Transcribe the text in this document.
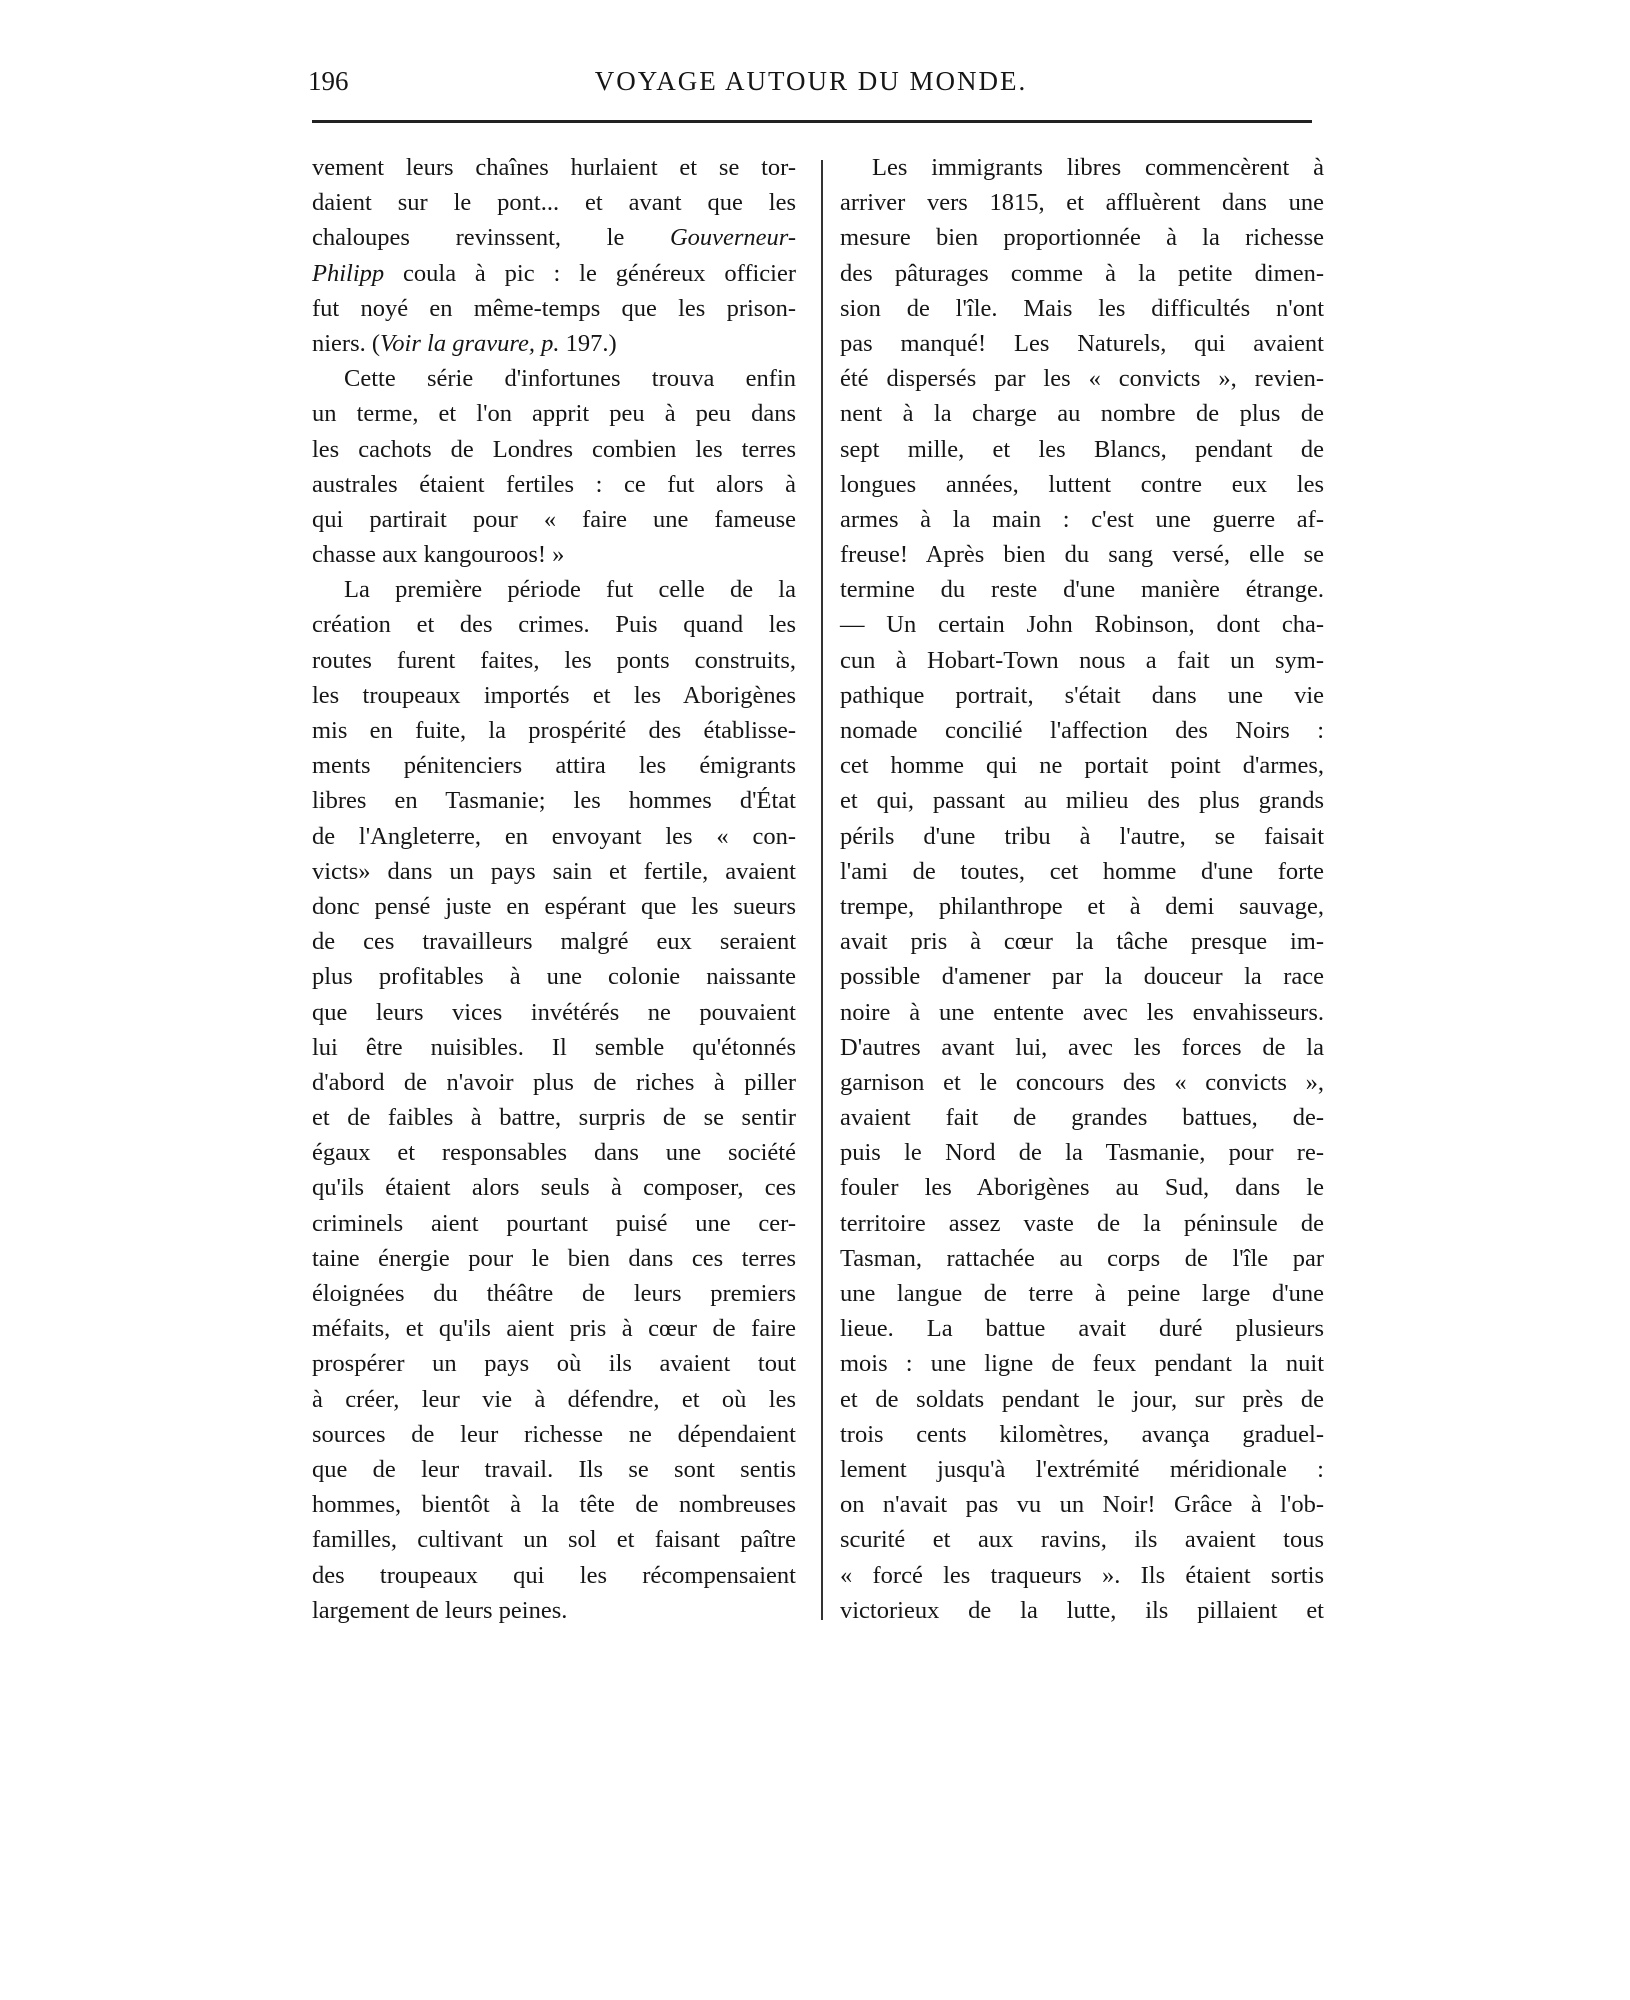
196	VOYAGE AUTOUR DU MONDE.
vement leurs chaînes hurlaient et se tor-
daient sur le pont... et avant que les
chaloupes revinssent, le Gouverneur-
Philipp coula à pic : le généreux officier
fut noyé en même-temps que les prison-
niers. (Voir la gravure, p. 197.)
Cette série d'infortunes trouva enfin
un terme, et l'on apprit peu à peu dans
les cachots de Londres combien les terres
australes étaient fertiles : ce fut alors à
qui partirait pour « faire une fameuse
chasse aux kangouroos! »
La première période fut celle de la
création et des crimes. Puis quand les
routes furent faites, les ponts construits,
les troupeaux importés et les Aborigènes
mis en fuite, la prospérité des établisse-
ments pénitenciers attira les émigrants
libres en Tasmanie; les hommes d'État
de l'Angleterre, en envoyant les « con-
victs» dans un pays sain et fertile, avaient
donc pensé juste en espérant que les sueurs
de ces travailleurs malgré eux seraient
plus profitables à une colonie naissante
que leurs vices invétérés ne pouvaient
lui être nuisibles. Il semble qu'étonnés
d'abord de n'avoir plus de riches à piller
et de faibles à battre, surpris de se sentir
égaux et responsables dans une société
qu'ils étaient alors seuls à composer, ces
criminels aient pourtant puisé une cer-
taine énergie pour le bien dans ces terres
éloignées du théâtre de leurs premiers
méfaits, et qu'ils aient pris à cœur de faire
prospérer un pays où ils avaient tout
à créer, leur vie à défendre, et où les
sources de leur richesse ne dépendaient
que de leur travail. Ils se sont sentis
hommes, bientôt à la tête de nombreuses
familles, cultivant un sol et faisant paître
des troupeaux qui les récompensaient
largement de leurs peines.
Les immigrants libres commencèrent à
arriver vers 1815, et affluèrent dans une
mesure bien proportionnée à la richesse
des pâturages comme à la petite dimen-
sion de l'île. Mais les difficultés n'ont
pas manqué! Les Naturels, qui avaient
été dispersés par les « convicts », revien-
nent à la charge au nombre de plus de
sept mille, et les Blancs, pendant de
longues années, luttent contre eux les
armes à la main : c'est une guerre af-
freuse! Après bien du sang versé, elle se
termine du reste d'une manière étrange.
— Un certain John Robinson, dont cha-
cun à Hobart-Town nous a fait un sym-
pathique portrait, s'était dans une vie
nomade concilié l'affection des Noirs :
cet homme qui ne portait point d'armes,
et qui, passant au milieu des plus grands
périls d'une tribu à l'autre, se faisait
l'ami de toutes, cet homme d'une forte
trempe, philanthrope et à demi sauvage,
avait pris à cœur la tâche presque im-
possible d'amener par la douceur la race
noire à une entente avec les envahisseurs.
D'autres avant lui, avec les forces de la
garnison et le concours des « convicts »,
avaient fait de grandes battues, de-
puis le Nord de la Tasmanie, pour re-
fouler les Aborigènes au Sud, dans le
territoire assez vaste de la péninsule de
Tasman, rattachée au corps de l'île par
une langue de terre à peine large d'une
lieue. La battue avait duré plusieurs
mois : une ligne de feux pendant la nuit
et de soldats pendant le jour, sur près de
trois cents kilomètres, avança graduel-
lement jusqu'à l'extrémité méridionale :
on n'avait pas vu un Noir! Grâce à l'ob-
scurité et aux ravins, ils avaient tous
« forcé les traqueurs ». Ils étaient sortis
victorieux de la lutte, ils pillaient et
